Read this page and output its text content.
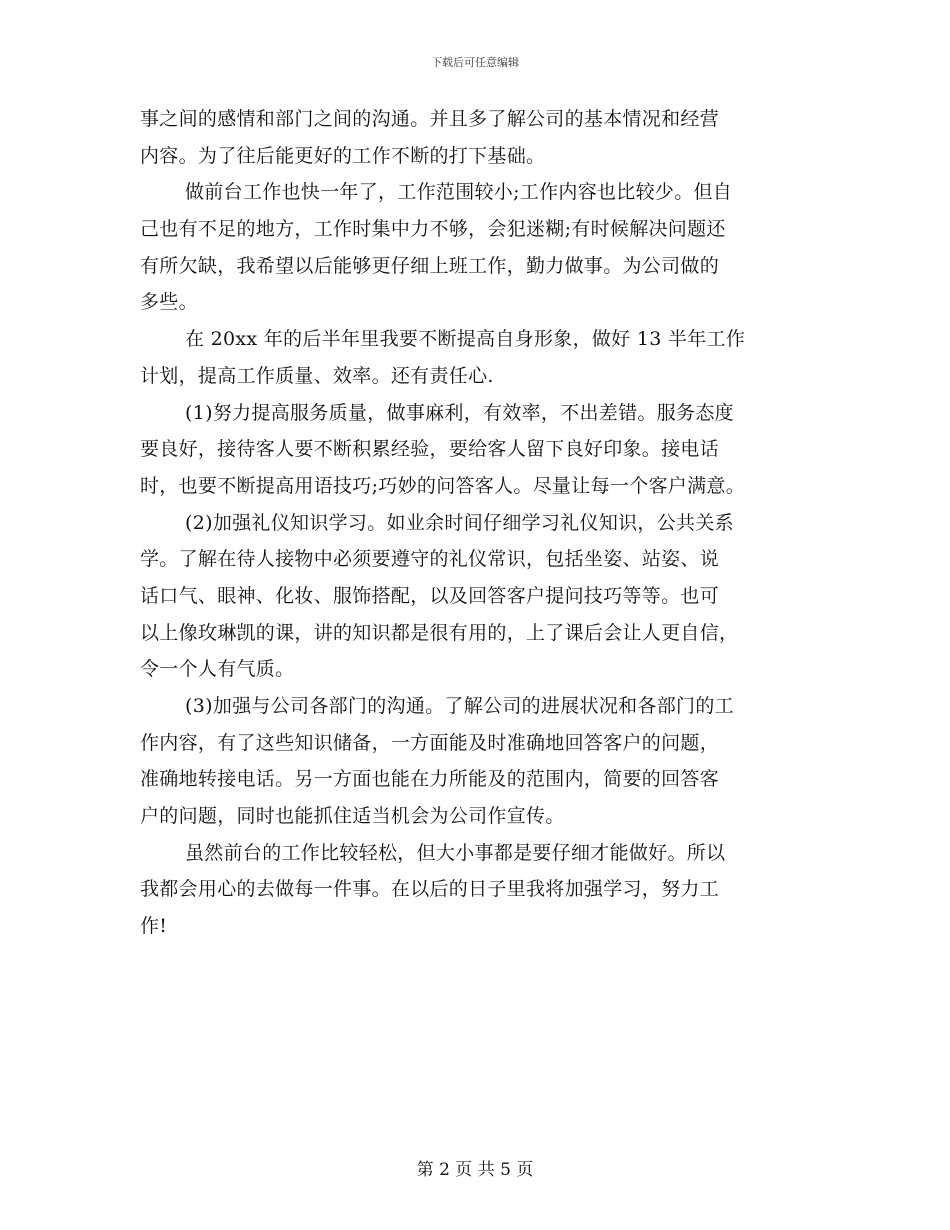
下载后可任意编辑
事之间的感情和部门之间的沟通。并且多了解公司的基本情况和经营
内容。为了往后能更好的工作不断的打下基础。
做前台工作也快一年了，工作范围较小;工作内容也比较少。但自
己也有不足的地方，工作时集中力不够，会犯迷糊;有时候解决问题还
有所欠缺，我希望以后能够更仔细上班工作，勤力做事。为公司做的
多些。
在 20xx 年的后半年里我要不断提高自身形象，做好 13 半年工作
计划，提高工作质量、效率。还有责任心.
(1)努力提高服务质量，做事麻利，有效率，不出差错。服务态度
要良好，接待客人要不断积累经验，要给客人留下良好印象。接电话
时，也要不断提高用语技巧;巧妙的问答客人。尽量让每一个客户满意。
(2)加强礼仪知识学习。如业余时间仔细学习礼仪知识，公共关系
学。了解在待人接物中必须要遵守的礼仪常识，包括坐姿、站姿、说
话口气、眼神、化妆、服饰搭配，以及回答客户提问技巧等等。也可
以上像玫琳凯的课，讲的知识都是很有用的，上了课后会让人更自信，
令一个人有气质。
(3)加强与公司各部门的沟通。了解公司的进展状况和各部门的工
作内容，有了这些知识储备，一方面能及时准确地回答客户的问题，
准确地转接电话。另一方面也能在力所能及的范围内，简要的回答客
户的问题，同时也能抓住适当机会为公司作宣传。
虽然前台的工作比较轻松，但大小事都是要仔细才能做好。所以
我都会用心的去做每一件事。在以后的日子里我将加强学习，努力工
作!
第 2 页 共 5 页
